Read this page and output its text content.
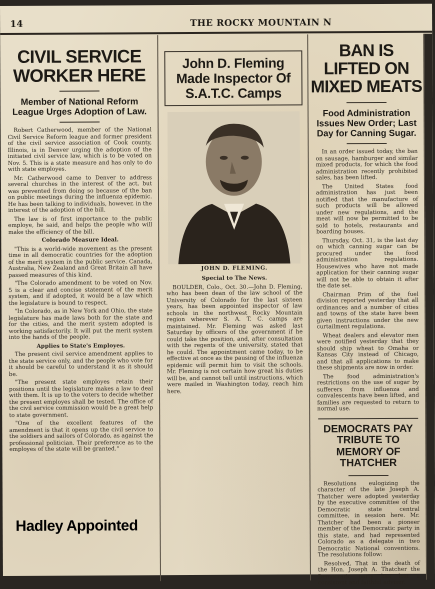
14	THE ROCKY MOUNTAIN N
CIVIL SERVICE WORKER HERE
Member of National Reform League Urges Adoption of Law.

Robert Catherwood, member of the National Civil Service Reform league and former president of the civil service association of Cook county, Illinois, is in Denver urging the adoption of the initiated civil service law, which is to be voted on Nov. 5. This is a state measure and has only to do with state employes.

Mr. Catherwood came to Denver to address several churches in the interest of the act, but was prevented from doing so because of the ban on public meetings during the influenza epidemic. He has been talking to individuals, however, in the interest of the adoption of the bill.

The law is of first importance to the public employe, he said, and helps the people who will make the efficiency of the bill.

Colorado Measure Ideal.

"This is a world-wide movement as the present time in all democratic countries for the adoption of the merit system in the public service. Canada, Australia, New Zealand and Great Britain all have passed measures of this kind.

"The Colorado amendment to be voted on Nov. 5 is a clear and concise statement of the merit system, and if adopted, it would be a law which the legislature is bound to respect.

"In Colorado, as in New York and Ohio, the state legislature has made laws both for the state and for the cities, and the merit system adopted is working satisfactorily. It will put the merit system into the hands of the people.

Applies to State's Employes.

The present civil service amendment applies to the state service only, and the people who vote for it should be careful to understand it as it should be.

"The present state employes retain their positions until the legislature makes a law to deal with them. It is up to the voters to decide whether the present employes shall be tested. The office of the civil service commission would be a great help to state government.

"One of the excellent features of the amendment is that it opens up the civil service to the soldiers and sailors of Colorado, as against the professional politician. Their preference as to the employes of the state will be granted."

John D. Fleming Made Inspector Of S.A.T.C. Camps
JOHN D. FLEMING.

Special to The News.

BOULDER, Colo., Oct. 30.—John D. Fleming, who has been dean of the law school of the University of Colorado for the last sixteen years, has been appointed inspector of law schools in the northwest Rocky Mountain region wherever S. A. T. C. camps are maintained. Mr. Fleming was asked last Saturday by officers of the government if he could take the position, and, after consultation with the regents of the university, stated that he could. The appointment came today, to be effective at once as the pausing of the influenza epidemic will permit him to visit the schools. Mr. Fleming is not certain how great his duties will be, and cannot tell until instructions, which were mailed in Washington today, reach him here.

BAN IS LIFTED ON MIXED MEATS
Food Administration Issues New Order; Last Day for Canning Sugar.

In an order issued today, the ban on sausage, hamburger and similar mixed products, for which the food administration recently prohibited sales, has been lifted.

The United States food administration has just been notified that the manufacture of such products will be allowed under new regulations, and the meat will now be permitted to be sold to hotels, restaurants and boarding houses.

Thursday, Oct. 31, is the last day on which canning sugar can be procured under the food administration regulations. Housewives who have not made application for their canning sugar will not be able to obtain it after the date set.

Chairman Prim of the fuel division reported yesterday that all ordinances and a number of cities and towns of the state have been given instructions under the new curtailment regulations.

Wheat dealers and elevator men were notified yesterday that they should ship wheat to Omaha or Kansas City instead of Chicago, and that all applications to make these shipments are now in order.

The food administration's restrictions on the use of sugar by sufferers from influenza and convalescents have been lifted, and families are requested to return to normal use.

DEMOCRATS PAY TRIBUTE TO MEMORY OF THATCHER

Resolutions eulogizing the character of the late Joseph A. Thatcher were adopted yesterday by the executive committee of the Democratic state central committee, in session here. Mr. Thatcher had been a pioneer member of the Democratic party in this state, and had represented Colorado as a delegate in two Democratic National conventions. The resolutions follow:

Resolved, That in the death of the Hon. Joseph A. Thatcher the Democratic party has lost a consistent and faithful adviser.

Hadley Appointed
